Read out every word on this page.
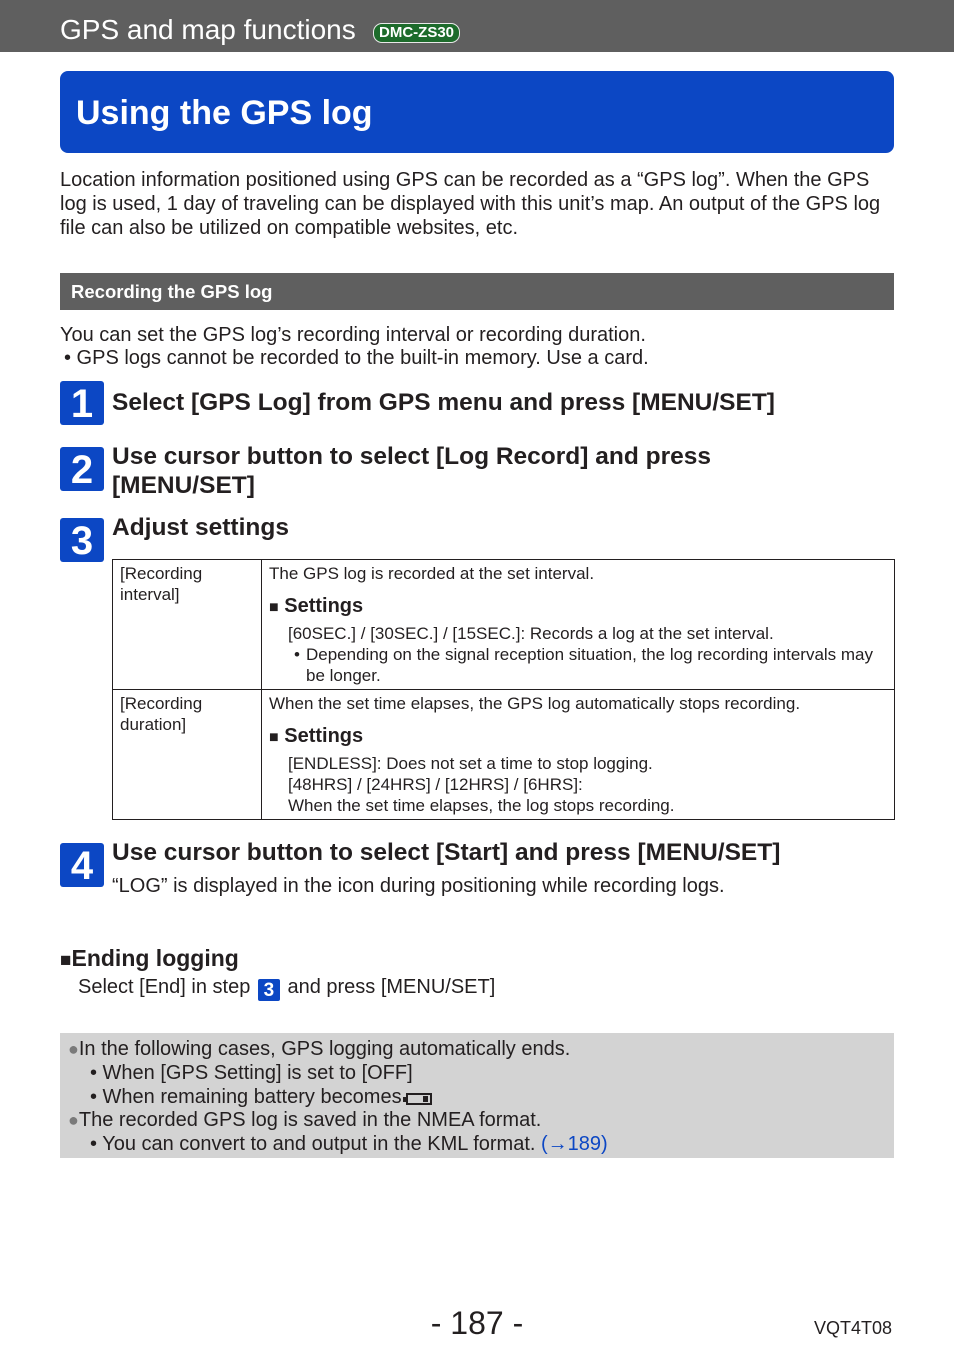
GPS and map functions	DMC-ZS30
Using the GPS log

Location information positioned using GPS can be recorded as a “GPS log”. When the GPS log is used, 1 day of traveling can be displayed with this unit’s map. An output of the GPS log file can also be utilized on compatible websites, etc.

Recording the GPS log

You can set the GPS log’s recording interval or recording duration.

• GPS logs cannot be recorded to the built-in memory. Use a card.

1 Select [GPS Log] from GPS menu and press [MENU/SET]
2 Use cursor button to select [Log Record] and press [MENU/SET]
3 Adjust settings
[Recording interval]	The GPS log is recorded at the set interval.
■ Settings
[60SEC.] / [30SEC.] / [15SEC.]: Records a log at the set interval.
• Depending on the signal reception situation, the log recording intervals may be longer.

[Recording duration]	When the set time elapses, the GPS log automatically stops recording.
■ Settings
[ENDLESS]: Does not set a time to stop logging.
[48HRS] / [24HRS] / [12HRS] / [6HRS]:
When the set time elapses, the log stops recording.
4 Use cursor button to select [Start] and press [MENU/SET]
“LOG” is displayed in the icon during positioning while recording logs.
■Ending logging
Select [End] in step 3 and press [MENU/SET]
●In the following cases, GPS logging automatically ends.
• When [GPS Setting] is set to [OFF]
• When remaining battery becomes
●The recorded GPS log is saved in the NMEA format.
• You can convert to and output in the KML format. (→189)
- 187 -	VQT4T08
